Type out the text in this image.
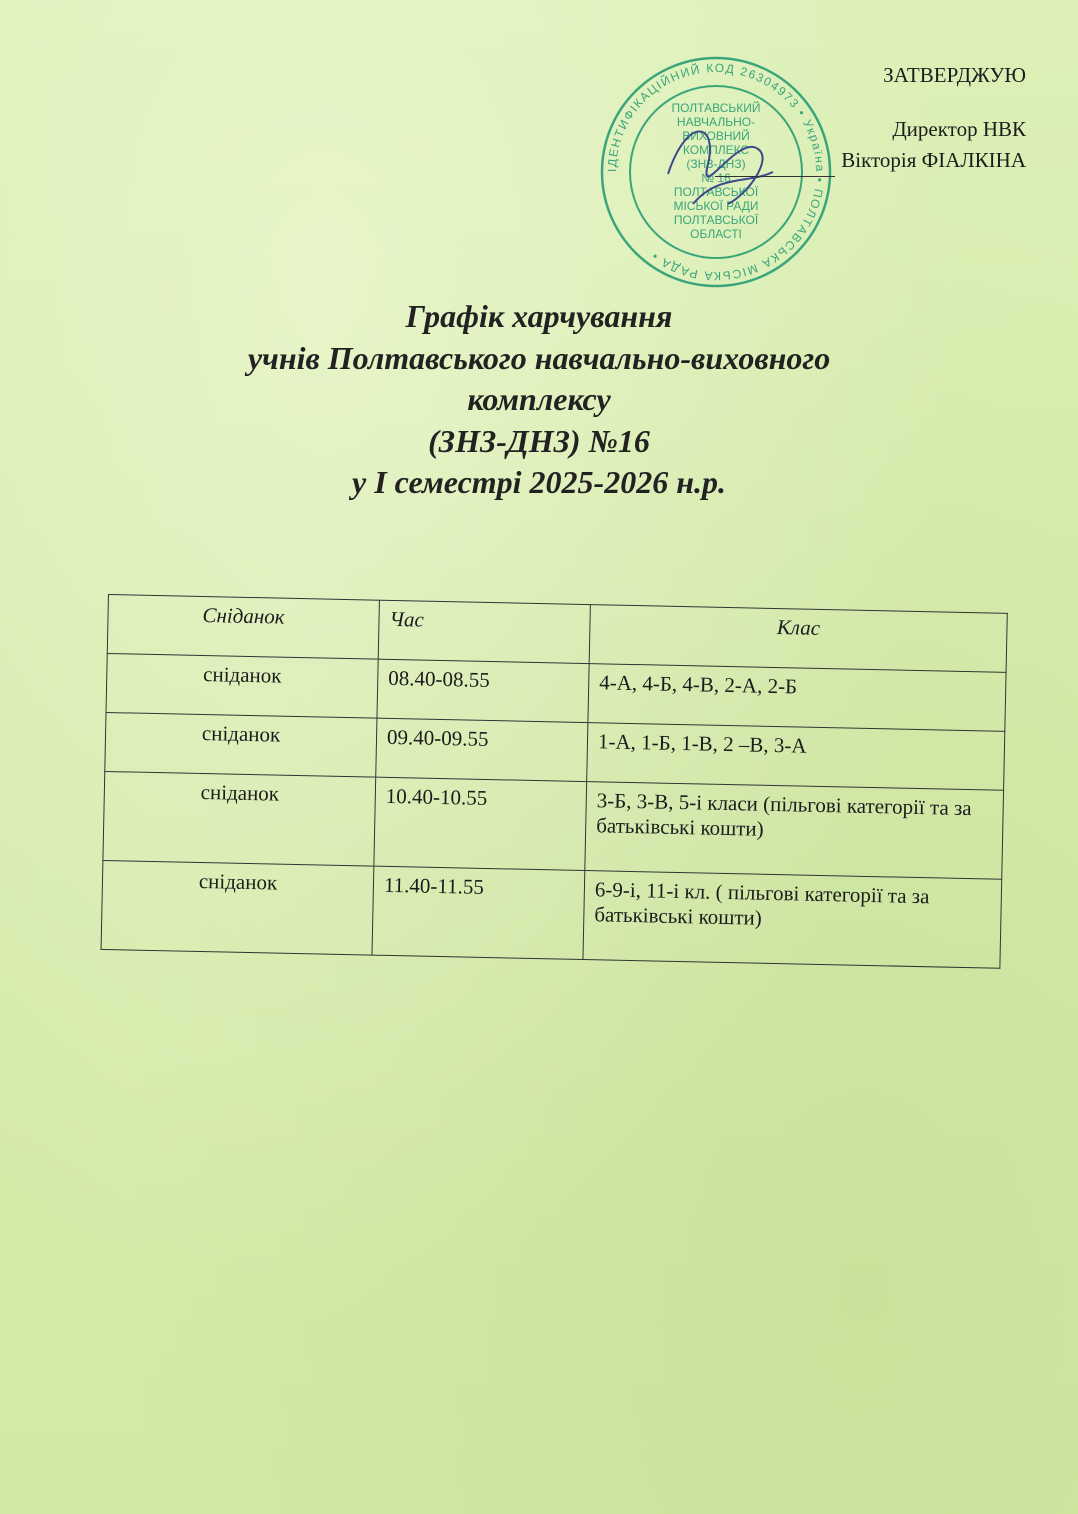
ІДЕНТИФІКАЦІЙНИЙ КОД 26304973 • Україна • ПОЛТАВСЬКА МІСЬКА РАДА •
ПОЛТАВСЬКИЙ
НАВЧАЛЬНО-
ВИХОВНИЙ
КОМПЛЕКС
(ЗНЗ-ДНЗ)
№ 16
ПОЛТАВСЬКОЇ
МІСЬКОЇ РАДИ
ПОЛТАВСЬКОЇ
ОБЛАСТІ
ЗАТВЕРДЖУЮ
Директор НВК
Вікторія ФІАЛКІНА
Графік харчування
учнів Полтавського навчально-виховного
комплексу
(ЗНЗ-ДНЗ) №16
у І семестрі 2025-2026 н.р.
Сніданок	Час	Клас
сніданок	08.40-08.55	4-А, 4-Б, 4-В, 2-А, 2-Б
сніданок	09.40-09.55	1-А, 1-Б, 1-В, 2 –В, 3-А
сніданок	10.40-10.55	3-Б, 3-В, 5-і класи (пільгові категорії та за батьківські кошти)
сніданок	11.40-11.55	6-9-і, 11-і кл. ( пільгові категорії та за батьківські кошти)
